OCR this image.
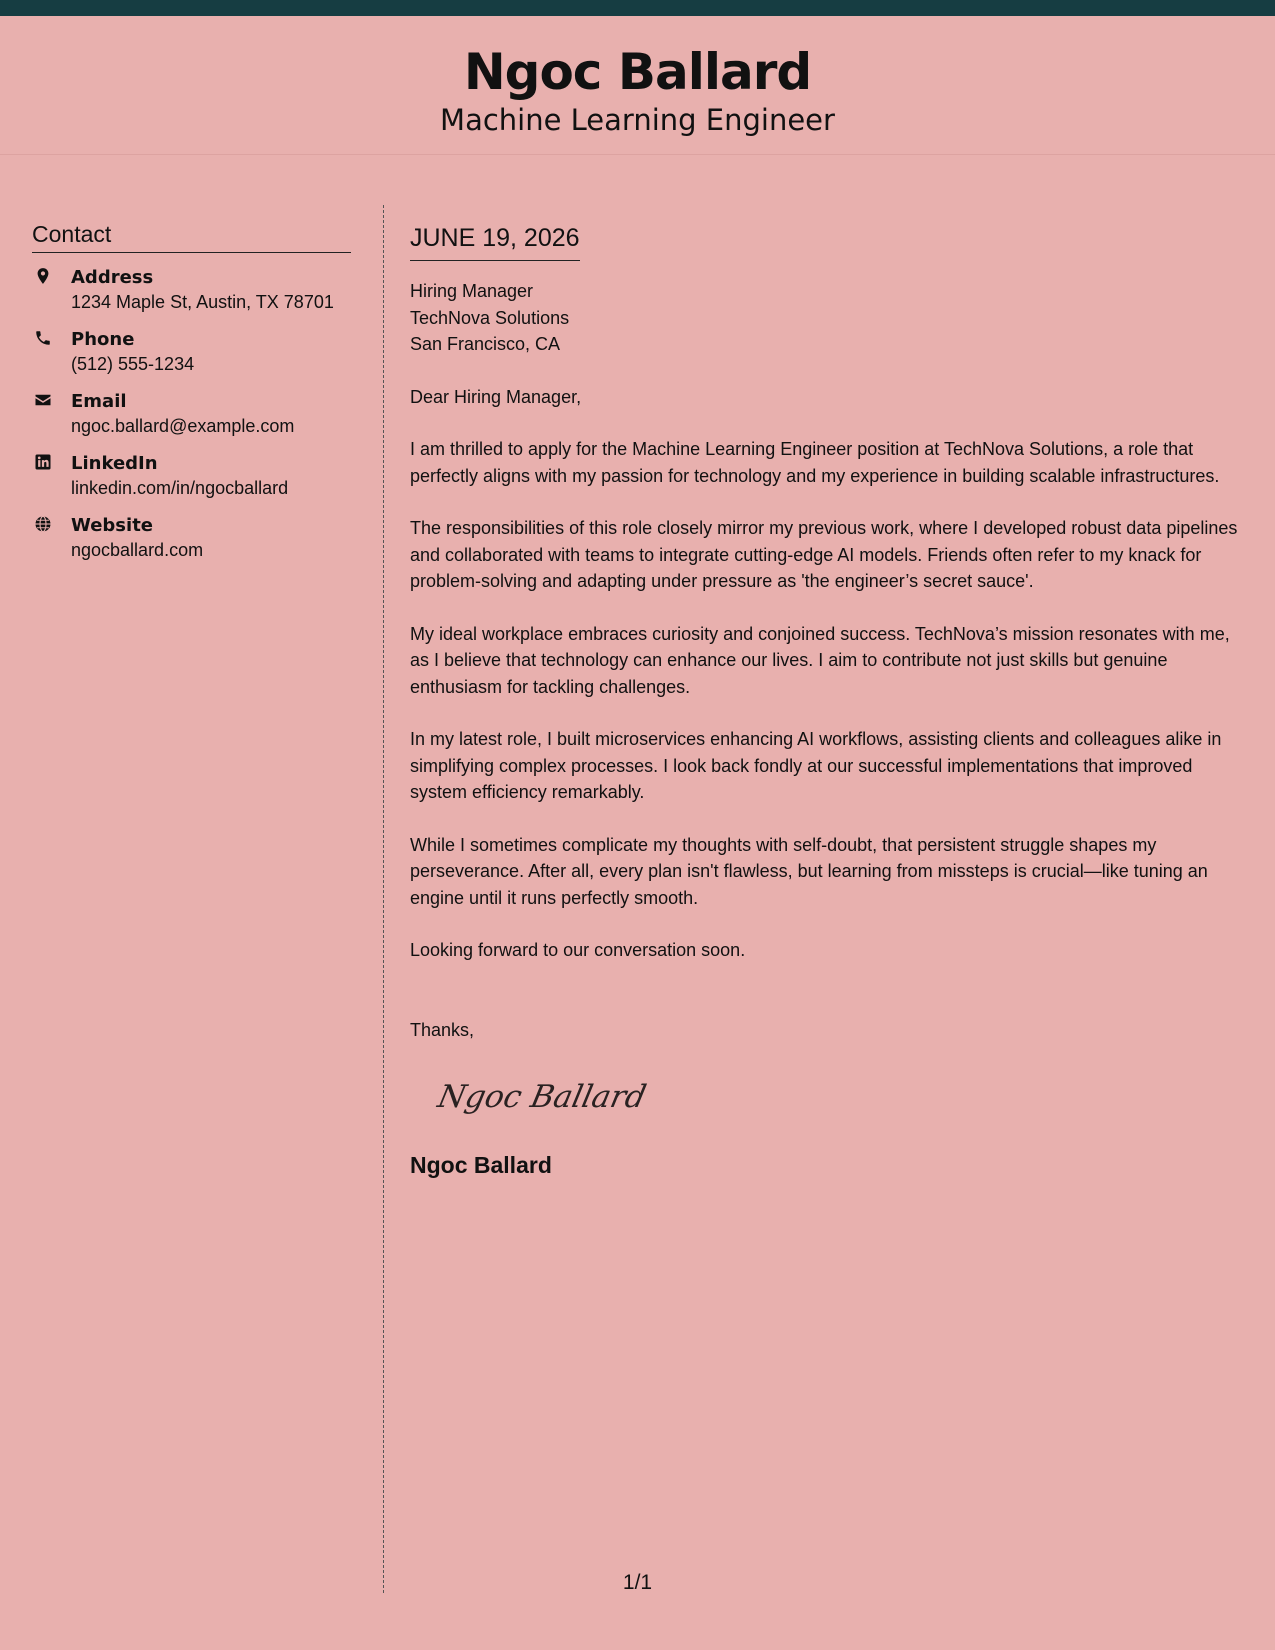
Ngoc Ballard
Machine Learning Engineer
Contact
Address
1234 Maple St, Austin, TX 78701
Phone
(512) 555-1234
Email
ngoc.ballard@example.com
LinkedIn
linkedin.com/in/ngocballard
Website
ngocballard.com
JUNE 19, 2026
Hiring Manager
TechNova Solutions
San Francisco, CA
Dear Hiring Manager,
I am thrilled to apply for the Machine Learning Engineer position at TechNova Solutions, a role that perfectly aligns with my passion for technology and my experience in building scalable infrastructures.
The responsibilities of this role closely mirror my previous work, where I developed robust data pipelines and collaborated with teams to integrate cutting-edge AI models. Friends often refer to my knack for problem-solving and adapting under pressure as 'the engineer’s secret sauce'.
My ideal workplace embraces curiosity and conjoined success. TechNova’s mission resonates with me, as I believe that technology can enhance our lives. I aim to contribute not just skills but genuine enthusiasm for tackling challenges.
In my latest role, I built microservices enhancing AI workflows, assisting clients and colleagues alike in simplifying complex processes. I look back fondly at our successful implementations that improved system efficiency remarkably.
While I sometimes complicate my thoughts with self-doubt, that persistent struggle shapes my perseverance. After all, every plan isn't flawless, but learning from missteps is crucial—like tuning an engine until it runs perfectly smooth.
Looking forward to our conversation soon.
Thanks,
Ngoc Ballard
Ngoc Ballard
1/1
